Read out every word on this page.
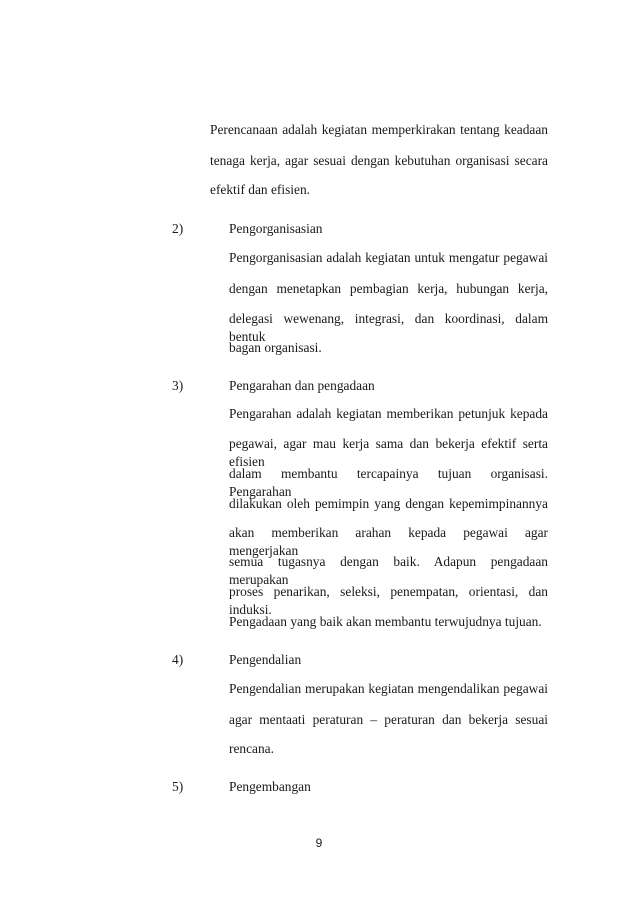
Perencanaan adalah kegiatan memperkirakan tentang keadaan

tenaga kerja, agar sesuai dengan kebutuhan organisasi secara

efektif dan efisien.

2)	Pengorganisasian

Pengorganisasian adalah kegiatan untuk mengatur pegawai

dengan menetapkan pembagian kerja, hubungan kerja,

delegasi wewenang, integrasi, dan koordinasi, dalam bentuk

bagan organisasi.

3)	Pengarahan dan pengadaan

Pengarahan adalah kegiatan memberikan petunjuk kepada

pegawai, agar mau kerja sama dan bekerja efektif serta efisien

dalam membantu tercapainya tujuan organisasi. Pengarahan

dilakukan oleh pemimpin yang dengan kepemimpinannya

akan memberikan arahan kepada pegawai agar mengerjakan

semua tugasnya dengan baik. Adapun pengadaan merupakan

proses penarikan, seleksi, penempatan, orientasi, dan induksi.

Pengadaan yang baik akan membantu terwujudnya tujuan.

4)	Pengendalian

Pengendalian merupakan kegiatan mengendalikan pegawai

agar mentaati peraturan – peraturan dan bekerja sesuai

rencana.

5)	Pengembangan
9
